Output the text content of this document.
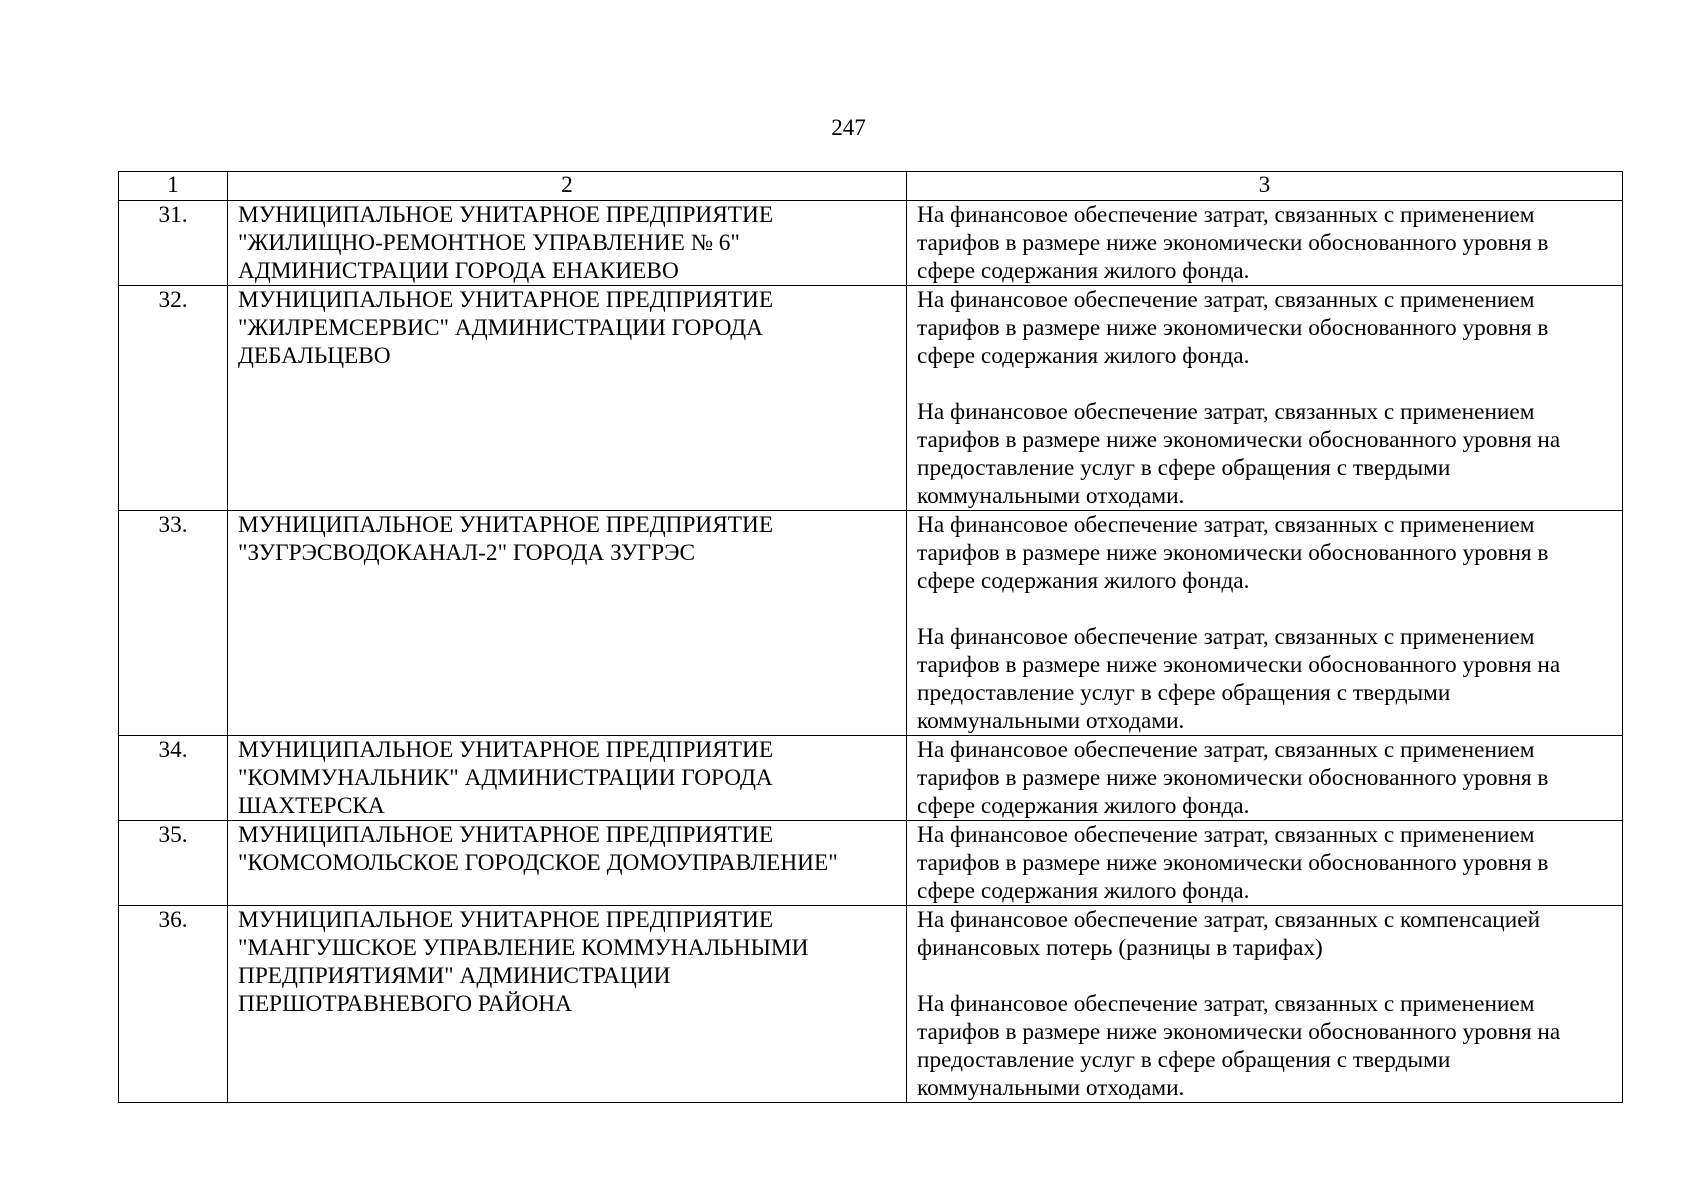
247
1	2	3
31.	МУНИЦИПАЛЬНОЕ УНИТАРНОЕ ПРЕДПРИЯТИЕ "ЖИЛИЩНО-РЕМОНТНОЕ УПРАВЛЕНИЕ № 6" АДМИНИСТРАЦИИ ГОРОДА ЕНАКИЕВО	На финансовое обеспечение затрат, связанных с применением тарифов в размере ниже экономически обоснованного уровня в сфере содержания жилого фонда.

32.	МУНИЦИПАЛЬНОЕ УНИТАРНОЕ ПРЕДПРИЯТИЕ "ЖИЛРЕМСЕРВИС" АДМИНИСТРАЦИИ ГОРОДА ДЕБАЛЬЦЕВО	На финансовое обеспечение затрат, связанных с применением тарифов в размере ниже экономически обоснованного уровня в сфере содержания жилого фонда.
На финансовое обеспечение затрат, связанных с применением тарифов в размере ниже экономически обоснованного уровня на предоставление услуг в сфере обращения с твердыми коммунальными отходами.

33.	МУНИЦИПАЛЬНОЕ УНИТАРНОЕ ПРЕДПРИЯТИЕ "ЗУГРЭСВОДОКАНАЛ-2" ГОРОДА ЗУГРЭС	На финансовое обеспечение затрат, связанных с применением тарифов в размере ниже экономически обоснованного уровня в сфере содержания жилого фонда.
На финансовое обеспечение затрат, связанных с применением тарифов в размере ниже экономически обоснованного уровня на предоставление услуг в сфере обращения с твердыми коммунальными отходами.

34.	МУНИЦИПАЛЬНОЕ УНИТАРНОЕ ПРЕДПРИЯТИЕ "КОММУНАЛЬНИК" АДМИНИСТРАЦИИ ГОРОДА ШАХТЕРСКА	На финансовое обеспечение затрат, связанных с применением тарифов в размере ниже экономически обоснованного уровня в сфере содержания жилого фонда.

35.	МУНИЦИПАЛЬНОЕ УНИТАРНОЕ ПРЕДПРИЯТИЕ "КОМСОМОЛЬСКОЕ ГОРОДСКОЕ ДОМОУПРАВЛЕНИЕ"	На финансовое обеспечение затрат, связанных с применением тарифов в размере ниже экономически обоснованного уровня в сфере содержания жилого фонда.

36.	МУНИЦИПАЛЬНОЕ УНИТАРНОЕ ПРЕДПРИЯТИЕ "МАНГУШСКОЕ УПРАВЛЕНИЕ КОММУНАЛЬНЫМИ ПРЕДПРИЯТИЯМИ" АДМИНИСТРАЦИИ ПЕРШОТРАВНЕВОГО РАЙОНА	На финансовое обеспечение затрат, связанных с компенсацией финансовых потерь (разницы в тарифах)
На финансовое обеспечение затрат, связанных с применением тарифов в размере ниже экономически обоснованного уровня на предоставление услуг в сфере обращения с твердыми коммунальными отходами.
